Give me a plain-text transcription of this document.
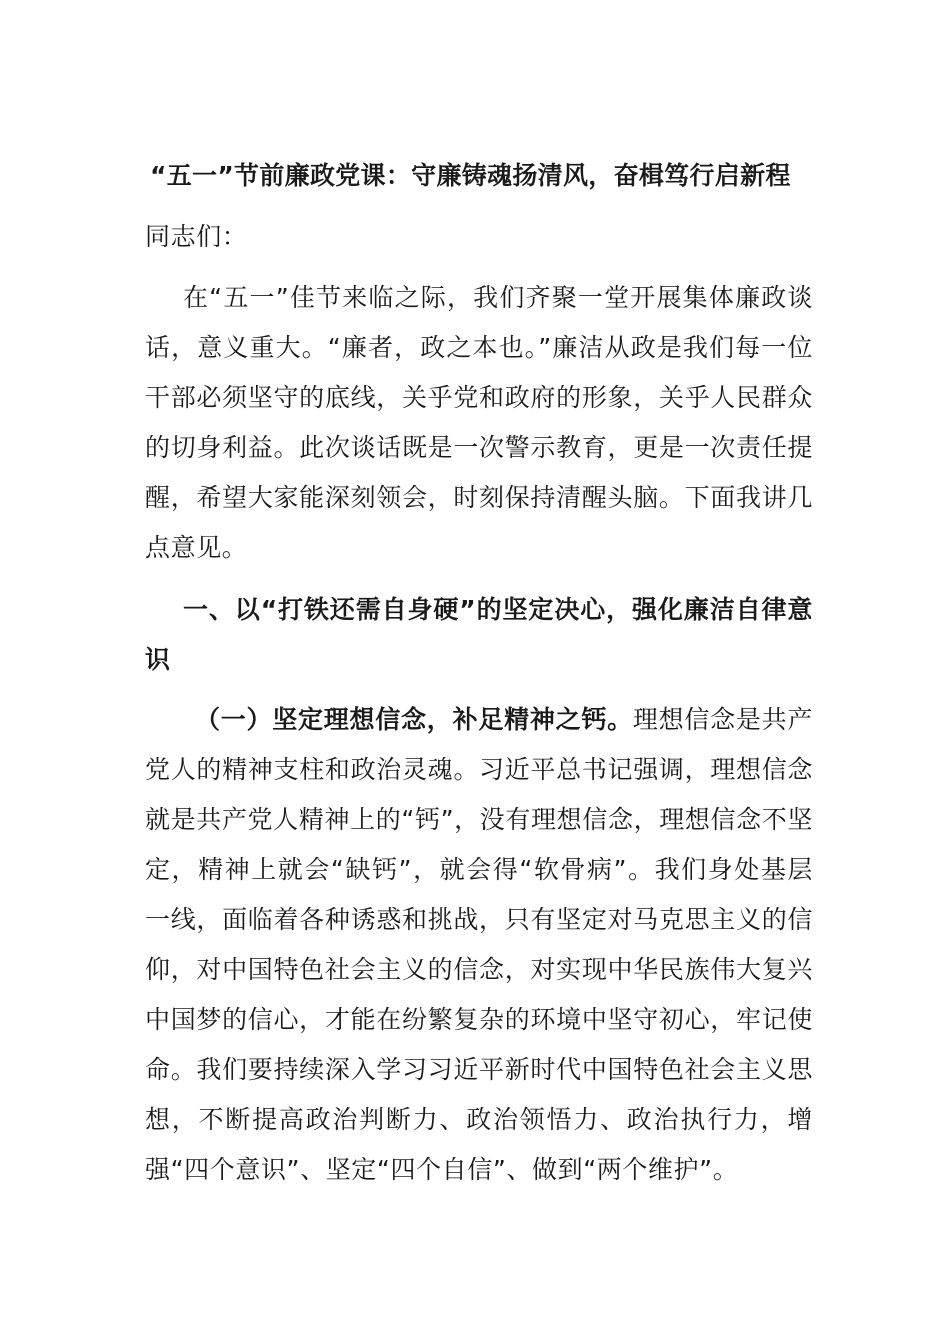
“五一”节前廉政党课：守廉铸魂扬清风，奋楫笃行启新程
同志们：
在“五一”佳节来临之际，我们齐聚一堂开展集体廉政谈话，意义重大。“廉者，政之本也。”廉洁从政是我们每一位干部必须坚守的底线，关乎党和政府的形象，关乎人民群众的切身利益。此次谈话既是一次警示教育，更是一次责任提醒，希望大家能深刻领会，时刻保持清醒头脑。下面我讲几点意见。
一、以“打铁还需自身硬”的坚定决心，强化廉洁自律意识
（一）坚定理想信念，补足精神之钙。理想信念是共产党人的精神支柱和政治灵魂。习近平总书记强调，理想信念就是共产党人精神上的“钙”，没有理想信念，理想信念不坚定，精神上就会“缺钙”，就会得“软骨病”。我们身处基层一线，面临着各种诱惑和挑战，只有坚定对马克思主义的信仰，对中国特色社会主义的信念，对实现中华民族伟大复兴中国梦的信心，才能在纷繁复杂的环境中坚守初心，牢记使命。我们要持续深入学习习近平新时代中国特色社会主义思想，不断提高政治判断力、政治领悟力、政治执行力，增强“四个意识”、坚定“四个自信”、做到“两个维护”。
